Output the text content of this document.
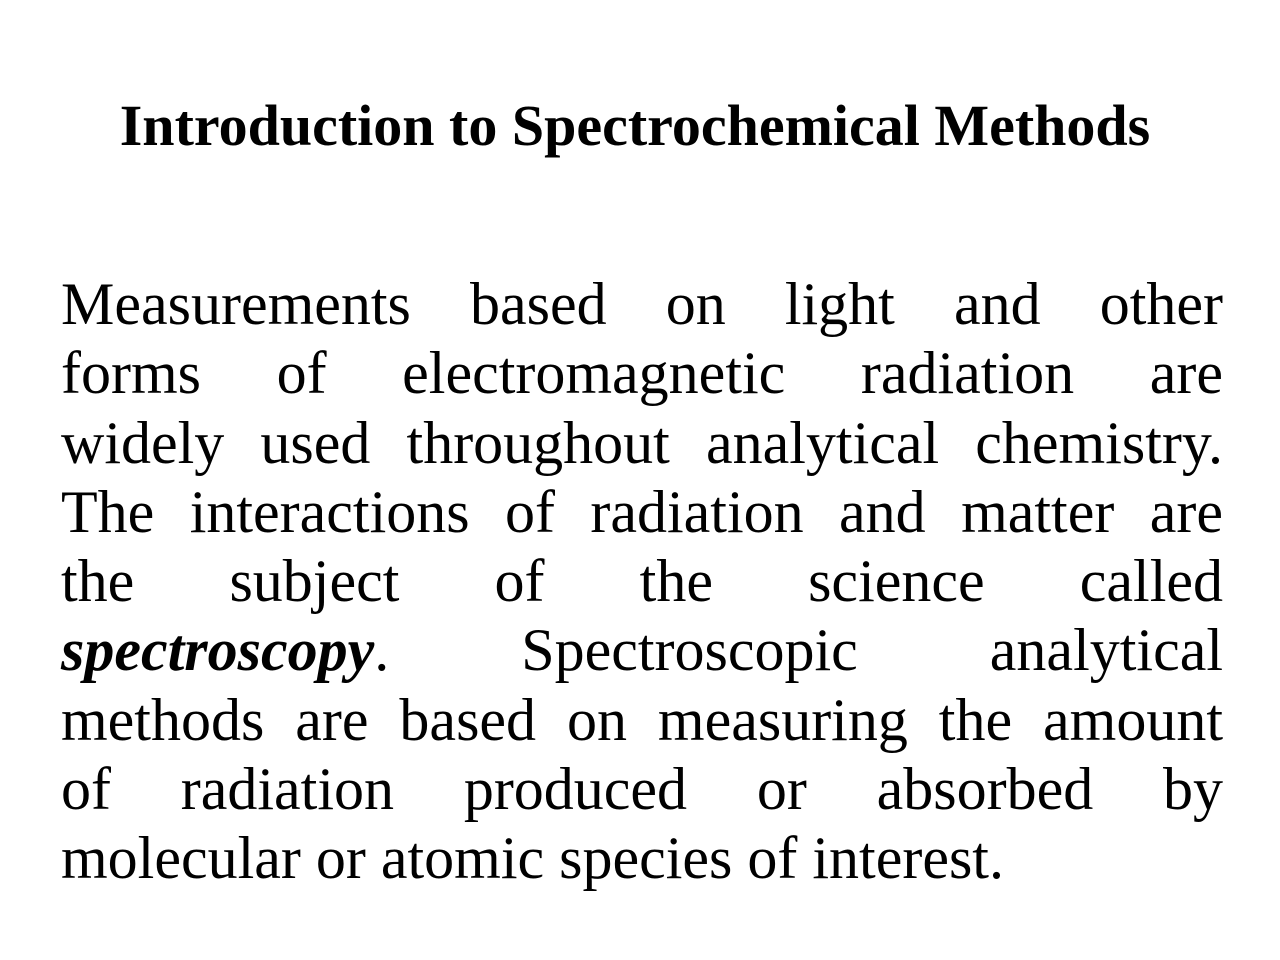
Introduction to Spectrochemical Methods
Measurements based on light and other
forms of electromagnetic radiation are
widely used throughout analytical chemistry.
The interactions of radiation and matter are
the subject of the science called
spectroscopy. Spectroscopic analytical
methods are based on measuring the amount
of radiation produced or absorbed by
molecular or atomic species of interest.
